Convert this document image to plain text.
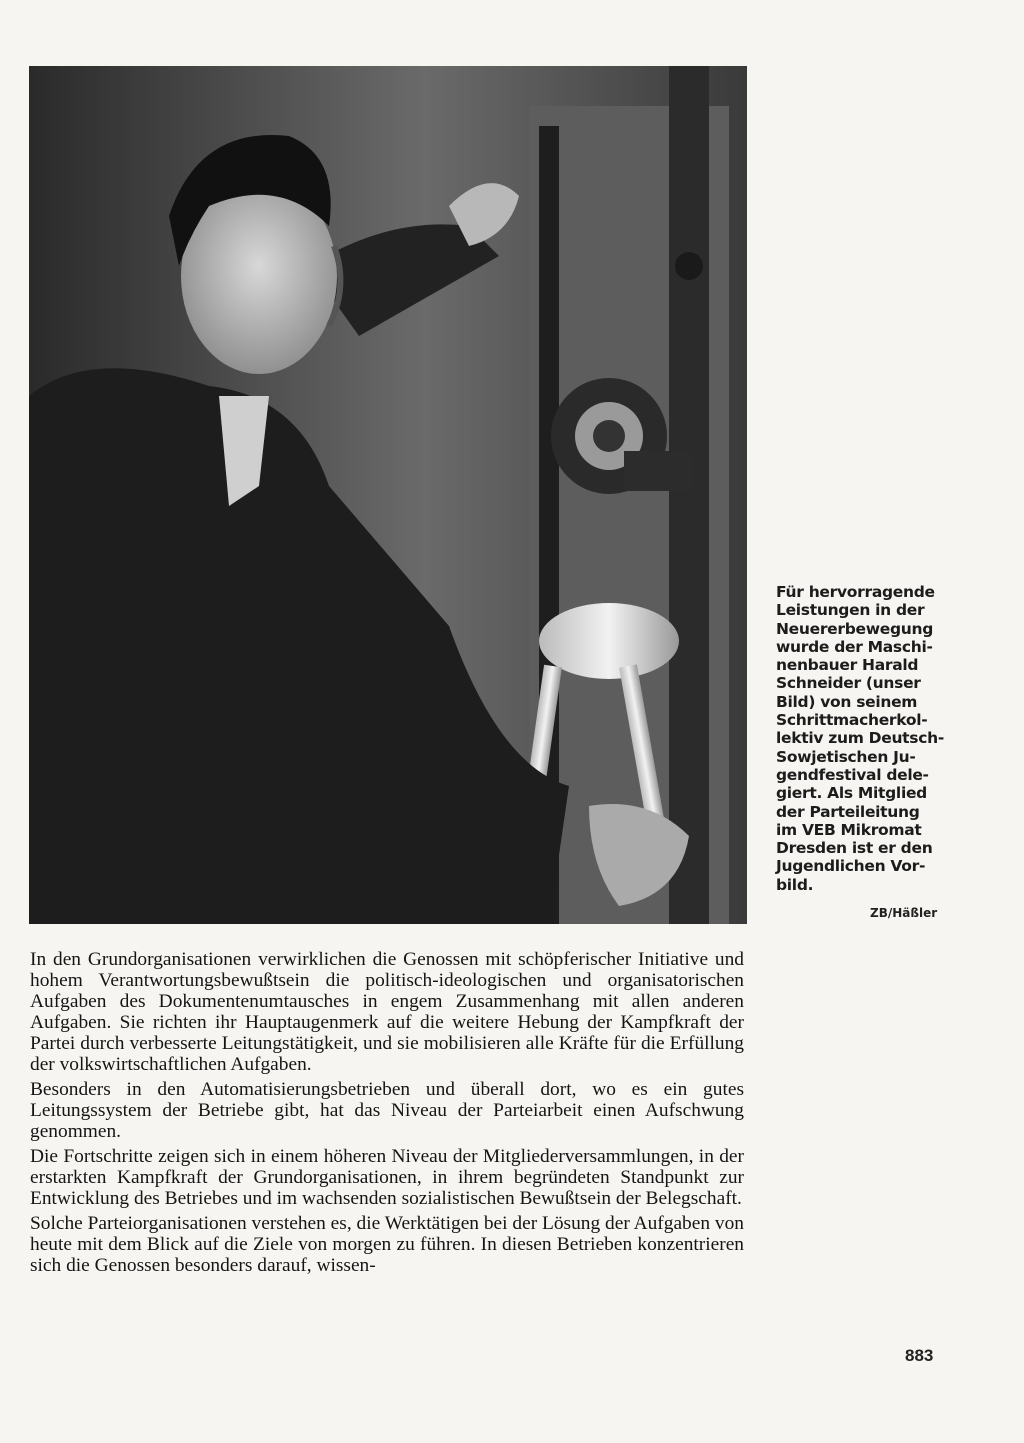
Für hervorragende
Leistungen in der
Neuererbewegung
wurde der Maschi-
nenbauer Harald
Schneider (unser
Bild) von seinem
Schrittmacherkol-
lektiv zum Deutsch-
Sowjetischen Ju-
gendfestival dele-
giert. Als Mitglied
der Parteileitung
im VEB Mikromat
Dresden ist er den
Jugendlichen Vor-
bild.
ZB/Häßler

In den Grundorganisationen verwirklichen die Genossen mit schöpferischer Initiative und hohem Verantwortungsbewußtsein die politisch-ideologischen und organisatorischen Aufgaben des Dokumentenumtausches in engem Zusammenhang mit allen anderen Aufgaben. Sie richten ihr Hauptaugenmerk auf die weitere Hebung der Kampfkraft der Partei durch verbesserte Leitungstätigkeit, und sie mobilisieren alle Kräfte für die Erfüllung der volkswirtschaftlichen Aufgaben.

Besonders in den Automatisierungsbetrieben und überall dort, wo es ein gutes Leitungssystem der Betriebe gibt, hat das Niveau der Parteiarbeit einen Aufschwung genommen.

Die Fortschritte zeigen sich in einem höheren Niveau der Mitgliederversammlungen, in der erstarkten Kampfkraft der Grundorganisationen, in ihrem begründeten Standpunkt zur Entwicklung des Betriebes und im wachsenden sozialistischen Bewußtsein der Belegschaft.

Solche Parteiorganisationen verstehen es, die Werktätigen bei der Lösung der Aufgaben von heute mit dem Blick auf die Ziele von morgen zu führen. In diesen Betrieben konzentrieren sich die Genossen besonders darauf, wissen-

883
